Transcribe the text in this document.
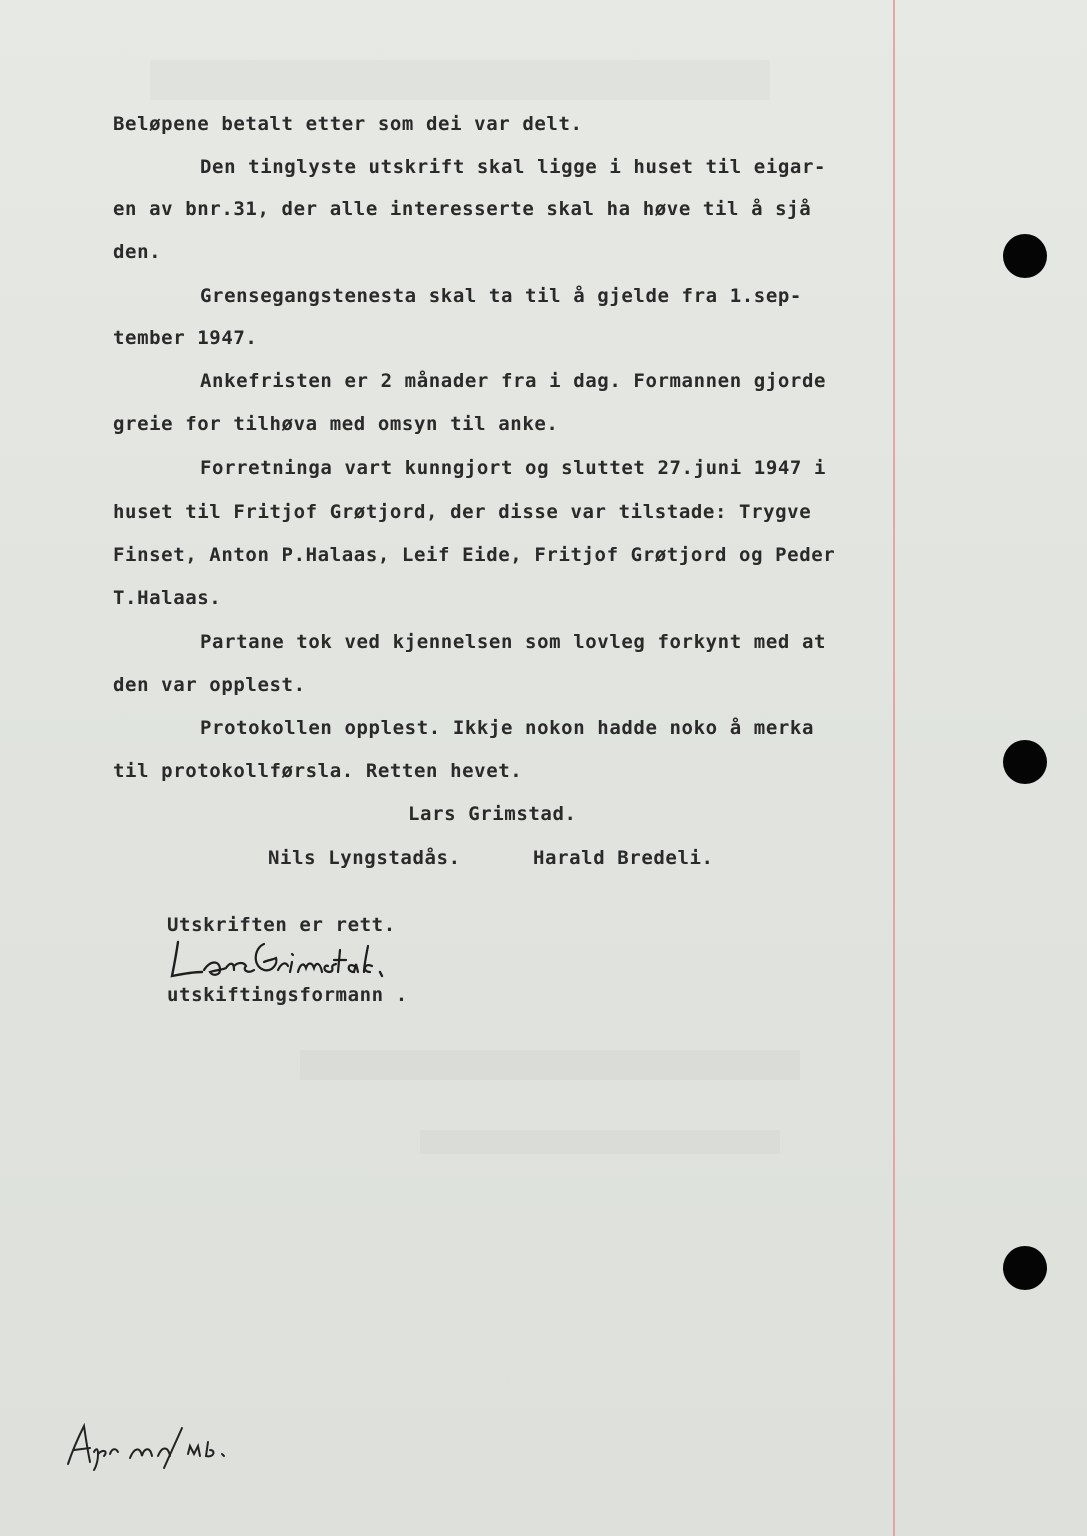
Beløpene betalt etter som dei var delt.
Den tinglyste utskrift skal ligge i huset til eigar-
en av bnr.31, der alle interesserte skal ha høve til å sjå
den.
Grensegangstenesta skal ta til å gjelde fra 1.sep-
tember 1947.
Ankefristen er 2 månader fra i dag. Formannen gjorde
greie for tilhøva med omsyn til anke.
Forretninga vart kunngjort og sluttet 27.juni 1947 i
huset til Fritjof Grøtjord, der disse var tilstade: Trygve
Finset, Anton P.Halaas, Leif Eide, Fritjof Grøtjord og Peder
T.Halaas.
Partane tok ved kjennelsen som lovleg forkynt med at
den var opplest.
Protokollen opplest. Ikkje nokon hadde noko å merka
til protokollførsla. Retten hevet.
Lars Grimstad.
Nils Lyngstadås.	Harald Bredeli.
Utskriften er rett.
utskiftingsformann .
